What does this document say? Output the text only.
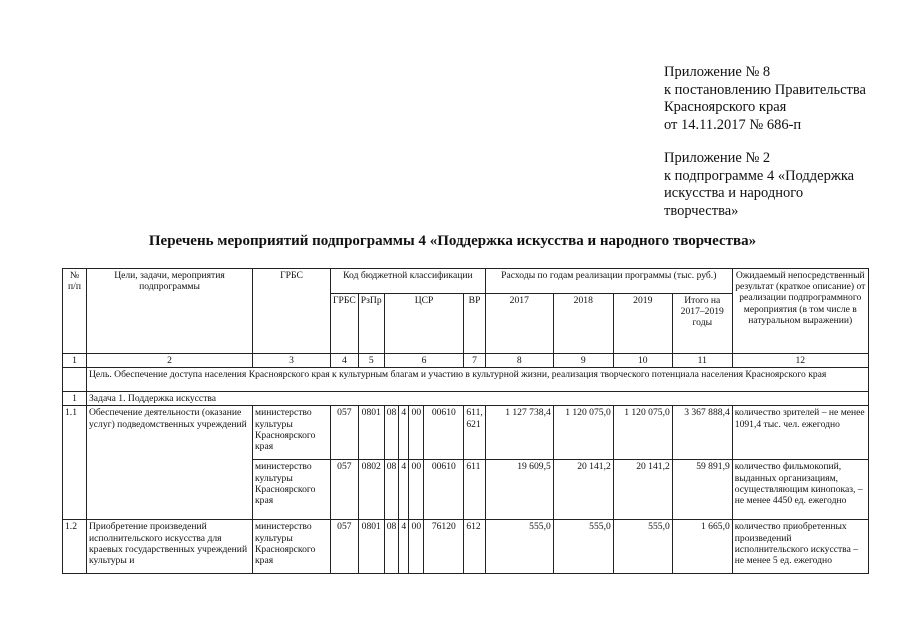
Приложение № 8
к постановлению Правительства
Красноярского края
от 14.11.2017 № 686-п
Приложение № 2
к подпрограмме 4 «Поддержка
искусства и народного
творчества»
Перечень мероприятий подпрограммы 4 «Поддержка искусства и народного творчества»
№ п/п	Цели, задачи, мероприятия подпрограммы	ГРБС	Код бюджетной классификации							Расходы по годам реализации программы (тыс. руб.)				Ожидаемый непосредственный результат (краткое описание) от реализации подпрограммного мероприятия (в том числе в натуральном выражении)
			ГРБС	РзПр	ЦСР				ВР	2017	2018	2019	Итого на 2017–2019 годы	
1	2	3	4	5	6				7	8	9	10	11	12
	Цель. Обеспечение доступа населения Красноярского края к культурным благам и участию в культурной жизни, реализация творческого потенциала населения Красноярского края													
1	Задача 1. Поддержка искусства													
1.1	Обеспечение деятельности (оказание услуг) подведомственных учреждений	министерство культуры Красноярского края	057	0801	08	4	00	00610	611, 621	1 127 738,4	1 120 075,0	1 120 075,0	3 367 888,4	количество зрителей – не менее 1091,4 тыс. чел. ежегодно
		министерство культуры Красноярского края	057	0802	08	4	00	00610	611	19 609,5	20 141,2	20 141,2	59 891,9	количество фильмокопий, выданных организациям, осуществляющим кинопоказ, – не менее 4450 ед. ежегодно
1.2	Приобретение произведений исполнительского искусства для краевых государственных учреждений культуры и	министерство культуры Красноярского края	057	0801	08	4	00	76120	612	555,0	555,0	555,0	1 665,0	количество приобретенных произведений исполнительского искусства – не менее 5 ед. ежегодно
